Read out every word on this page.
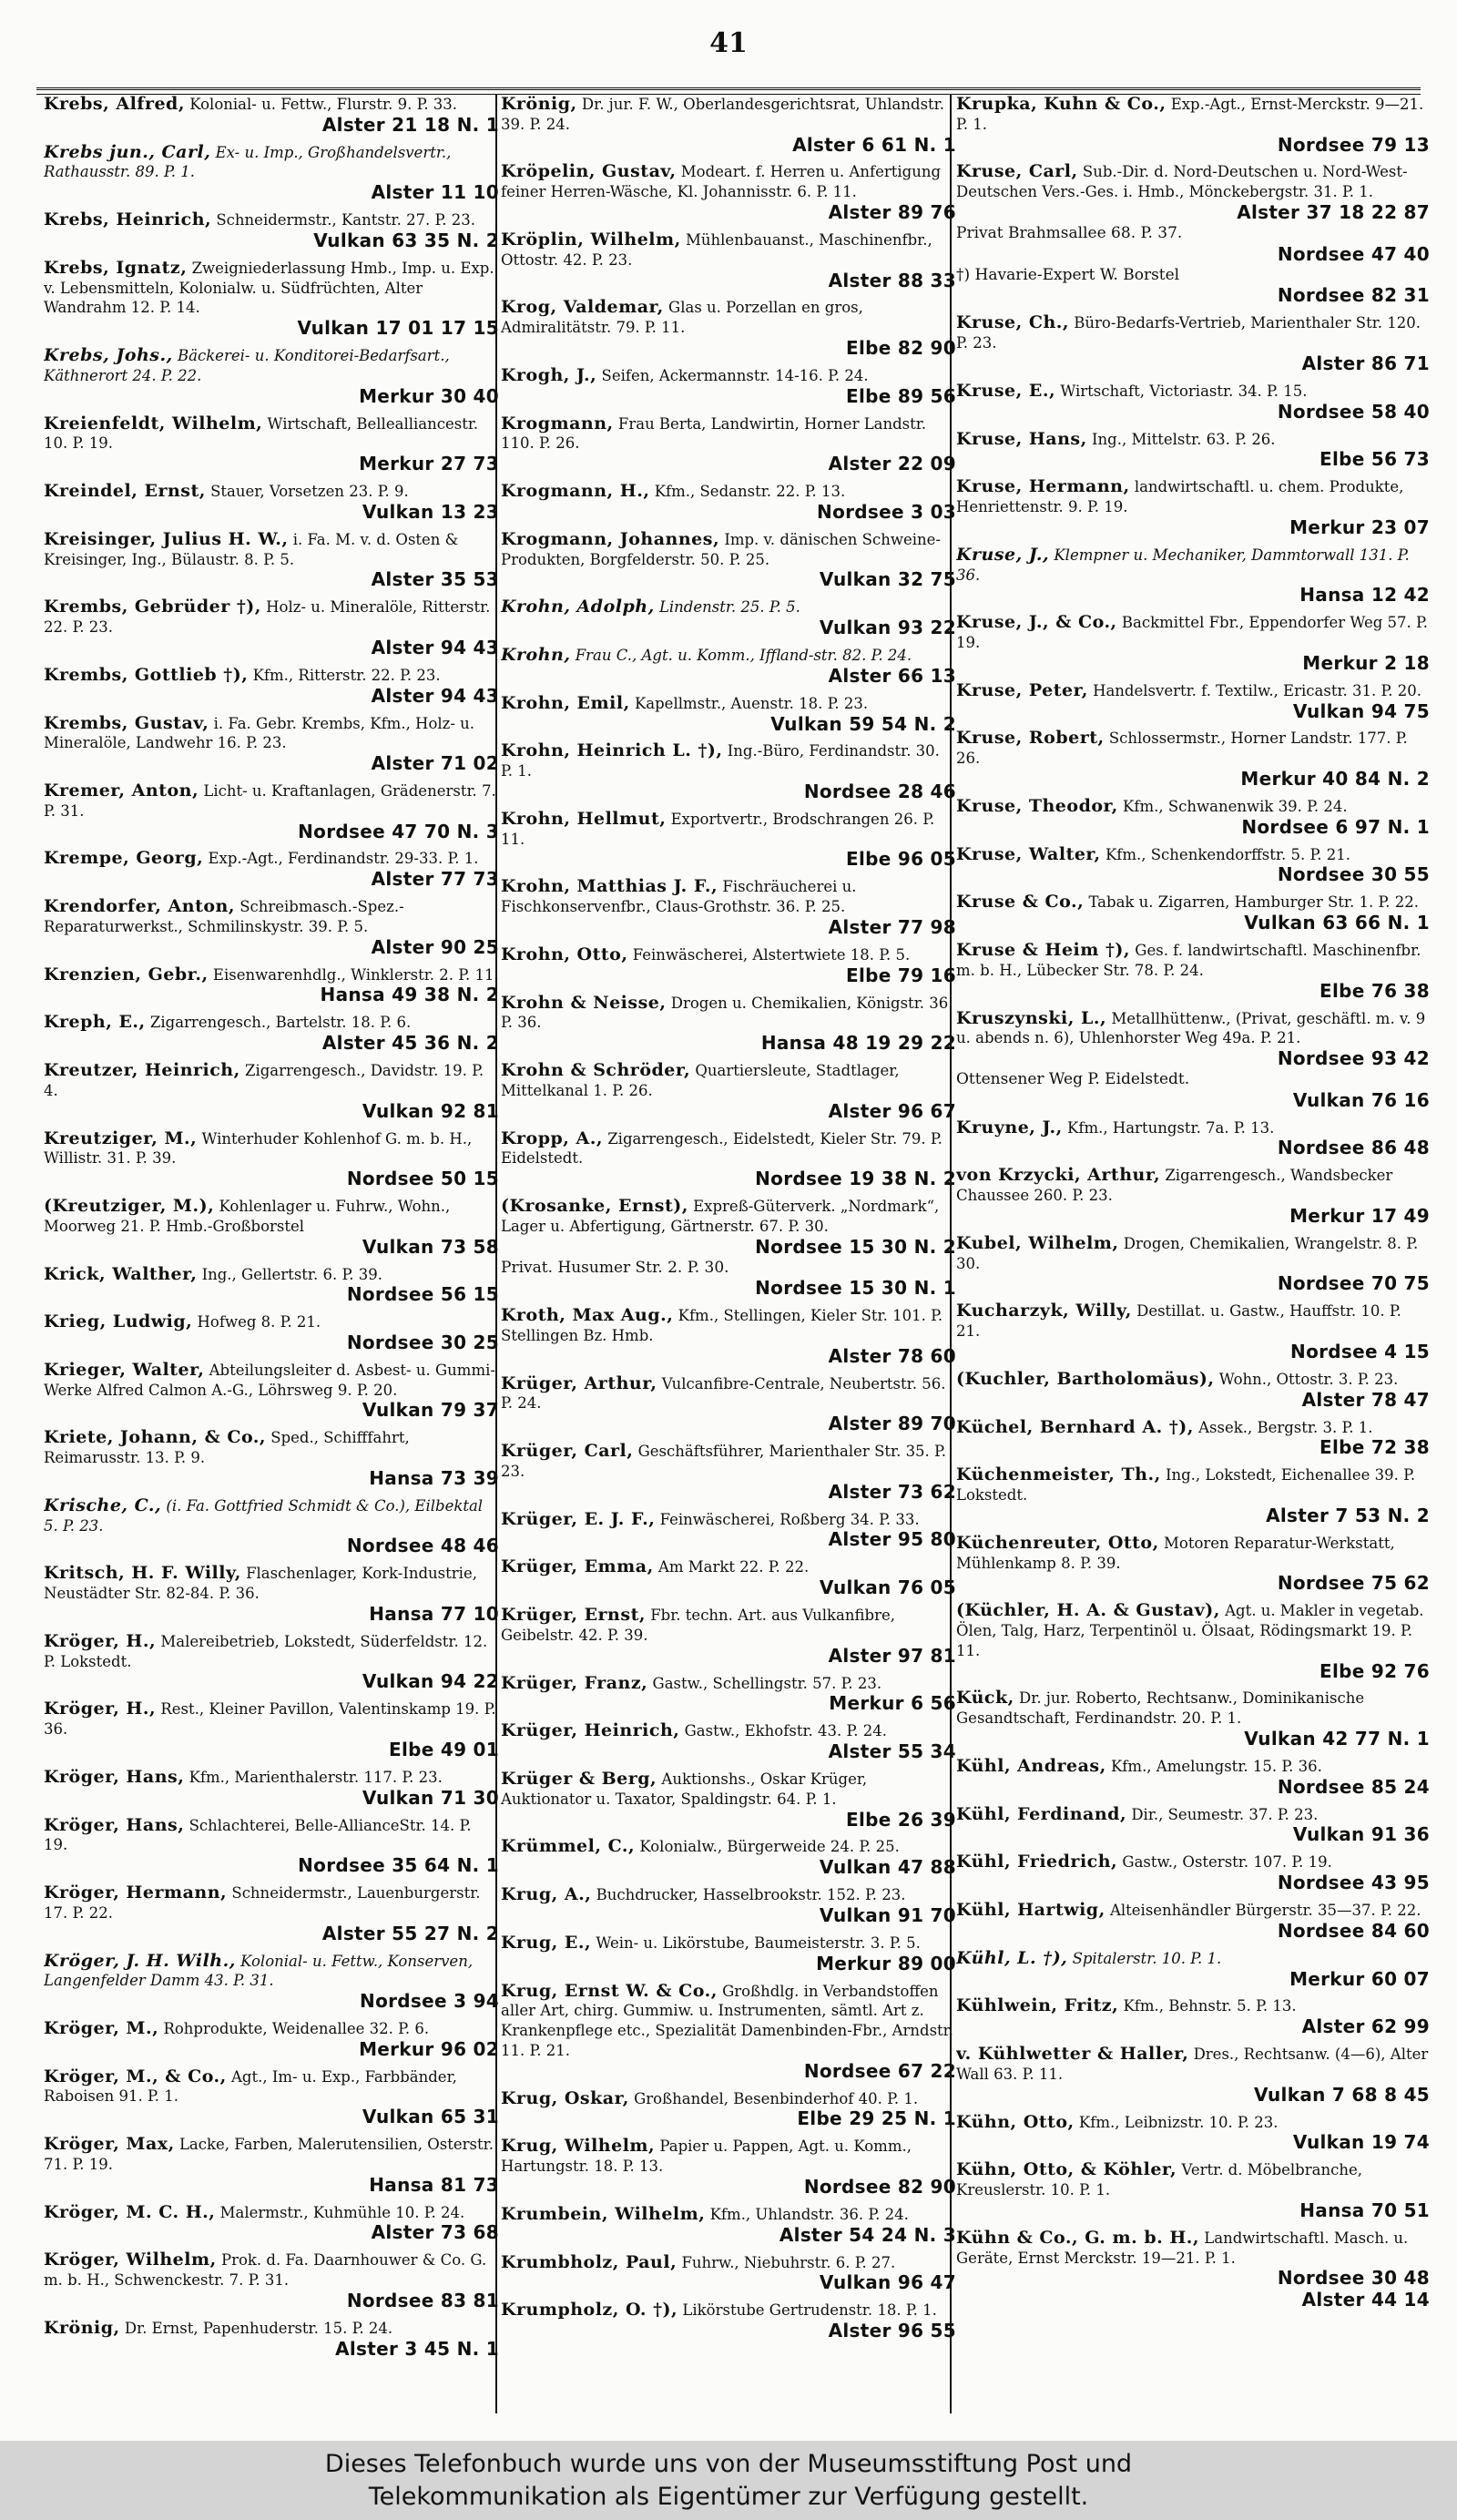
41
Krebs, Alfred, Kolonial- u. Fettw., Flurstr. 9. P. 33.
Alster 21 18 N. 1
Krebs jun., Carl, Ex- u. Imp., Großhandelsvertr., Rathausstr. 89. P. 1.
Alster 11 10
Krebs, Heinrich, Schneidermstr., Kantstr. 27. P. 23.
Vulkan 63 35 N. 2
Krebs, Ignatz, Zweigniederlassung Hmb., Imp. u. Exp. v. Lebensmitteln, Kolonialw. u. Südfrüchten, Alter Wandrahm 12. P. 14.
Vulkan 17 01 17 15
Krebs, Johs., Bäckerei- u. Konditorei-Bedarfsart., Käthnerort 24. P. 22.
Merkur 30 40
Kreienfeldt, Wilhelm, Wirtschaft, Bellealliancestr. 10. P. 19.
Merkur 27 73
Kreindel, Ernst, Stauer, Vorsetzen 23. P. 9.
Vulkan 13 23
Kreisinger, Julius H. W., i. Fa. M. v. d. Osten & Kreisinger, Ing., Bülaustr. 8. P. 5.
Alster 35 53
Krembs, Gebrüder †), Holz- u. Mineralöle, Ritterstr. 22. P. 23.
Alster 94 43
Krembs, Gottlieb †), Kfm., Ritterstr. 22. P. 23.
Alster 94 43
Krembs, Gustav, i. Fa. Gebr. Krembs, Kfm., Holz- u. Mineralöle, Landwehr 16. P. 23.
Alster 71 02
Kremer, Anton, Licht- u. Kraftanlagen, Grädenerstr. 7. P. 31.
Nordsee 47 70 N. 3
Krempe, Georg, Exp.-Agt., Ferdinandstr. 29-33. P. 1.
Alster 77 73
Krendorfer, Anton, Schreibmasch.-Spez.-Reparaturwerkst., Schmilinskystr. 39. P. 5.
Alster 90 25
Krenzien, Gebr., Eisenwarenhdlg., Winklerstr. 2. P. 11.
Hansa 49 38 N. 2
Kreph, E., Zigarrengesch., Bartelstr. 18. P. 6.
Alster 45 36 N. 2
Kreutzer, Heinrich, Zigarrengesch., Davidstr. 19. P. 4.
Vulkan 92 81
Kreutziger, M., Winterhuder Kohlenhof G. m. b. H., Willistr. 31. P. 39.
Nordsee 50 15
(Kreutziger, M.), Kohlenlager u. Fuhrw., Wohn., Moorweg 21. P. Hmb.-Großborstel
Vulkan 73 58
Krick, Walther, Ing., Gellertstr. 6. P. 39.
Nordsee 56 15
Krieg, Ludwig, Hofweg 8. P. 21.
Nordsee 30 25
Krieger, Walter, Abteilungsleiter d. Asbest- u. Gummi-Werke Alfred Calmon A.-G., Löhrsweg 9. P. 20.
Vulkan 79 37
Kriete, Johann, & Co., Sped., Schifffahrt, Reimarusstr. 13. P. 9.
Hansa 73 39
Krische, C., (i. Fa. Gottfried Schmidt & Co.), Eilbektal 5. P. 23.
Nordsee 48 46
Kritsch, H. F. Willy, Flaschenlager, Kork-Industrie, Neustädter Str. 82-84. P. 36.
Hansa 77 10
Kröger, H., Malereibetrieb, Lokstedt, Süderfeldstr. 12. P. Lokstedt.
Vulkan 94 22
Kröger, H., Rest., Kleiner Pavillon, Valentinskamp 19. P. 36.
Elbe 49 01
Kröger, Hans, Kfm., Marienthalerstr. 117. P. 23.
Vulkan 71 30
Kröger, Hans, Schlachterei, Belle-AllianceStr. 14. P. 19.
Nordsee 35 64 N. 1
Kröger, Hermann, Schneidermstr., Lauenburgerstr. 17. P. 22.
Alster 55 27 N. 2
Kröger, J. H. Wilh., Kolonial- u. Fettw., Konserven, Langenfelder Damm 43. P. 31.
Nordsee 3 94
Kröger, M., Rohprodukte, Weidenallee 32. P. 6.
Merkur 96 02
Kröger, M., & Co., Agt., Im- u. Exp., Farbbänder, Raboisen 91. P. 1.
Vulkan 65 31
Kröger, Max, Lacke, Farben, Malerutensilien, Osterstr. 71. P. 19.
Hansa 81 73
Kröger, M. C. H., Malermstr., Kuhmühle 10. P. 24.
Alster 73 68
Kröger, Wilhelm, Prok. d. Fa. Daarnhouwer & Co. G. m. b. H., Schwenckestr. 7. P. 31.
Nordsee 83 81
Krönig, Dr. Ernst, Papenhuderstr. 15. P. 24.
Alster 3 45 N. 1
Krönig, Dr. jur. F. W., Oberlandesgerichtsrat, Uhlandstr. 39. P. 24.
Alster 6 61 N. 1
Kröpelin, Gustav, Modeart. f. Herren u. Anfertigung feiner Herren-Wäsche, Kl. Johannisstr. 6. P. 11.
Alster 89 76
Kröplin, Wilhelm, Mühlenbauanst., Maschinenfbr., Ottostr. 42. P. 23.
Alster 88 33
Krog, Valdemar, Glas u. Porzellan en gros, Admiralitätstr. 79. P. 11.
Elbe 82 90
Krogh, J., Seifen, Ackermannstr. 14-16. P. 24.
Elbe 89 56
Krogmann, Frau Berta, Landwirtin, Horner Landstr. 110. P. 26.
Alster 22 09
Krogmann, H., Kfm., Sedanstr. 22. P. 13.
Nordsee 3 03
Krogmann, Johannes, Imp. v. dänischen Schweine-Produkten, Borgfelderstr. 50. P. 25.
Vulkan 32 75
Krohn, Adolph, Lindenstr. 25. P. 5.
Vulkan 93 22
Krohn, Frau C., Agt. u. Komm., Iffland-str. 82. P. 24.
Alster 66 13
Krohn, Emil, Kapellmstr., Auenstr. 18. P. 23.
Vulkan 59 54 N. 2
Krohn, Heinrich L. †), Ing.-Büro, Ferdinandstr. 30. P. 1.
Nordsee 28 46
Krohn, Hellmut, Exportvertr., Brodschrangen 26. P. 11.
Elbe 96 05
Krohn, Matthias J. F., Fischräucherei u. Fischkonservenfbr., Claus-Grothstr. 36. P. 25.
Alster 77 98
Krohn, Otto, Feinwäscherei, Alstertwiete 18. P. 5.
Elbe 79 16
Krohn & Neisse, Drogen u. Chemikalien, Königstr. 36. P. 36.
Hansa 48 19 29 22
Krohn & Schröder, Quartiersleute, Stadtlager, Mittelkanal 1. P. 26.
Alster 96 67
Kropp, A., Zigarrengesch., Eidelstedt, Kieler Str. 79. P. Eidelstedt.
Nordsee 19 38 N. 2
(Krosanke, Ernst), Expreß-Güterverk. „Nordmark“, Lager u. Abfertigung, Gärtnerstr. 67. P. 30.
Nordsee 15 30 N. 2
Privat. Husumer Str. 2. P. 30.
Nordsee 15 30 N. 1
Kroth, Max Aug., Kfm., Stellingen, Kieler Str. 101. P. Stellingen Bz. Hmb.
Alster 78 60
Krüger, Arthur, Vulcanfibre-Centrale, Neubertstr. 56. P. 24.
Alster 89 70
Krüger, Carl, Geschäftsführer, Marienthaler Str. 35. P. 23.
Alster 73 62
Krüger, E. J. F., Feinwäscherei, Roßberg 34. P. 33.
Alster 95 80
Krüger, Emma, Am Markt 22. P. 22.
Vulkan 76 05
Krüger, Ernst, Fbr. techn. Art. aus Vulkanfibre, Geibelstr. 42. P. 39.
Alster 97 81
Krüger, Franz, Gastw., Schellingstr. 57. P. 23.
Merkur 6 56
Krüger, Heinrich, Gastw., Ekhofstr. 43. P. 24.
Alster 55 34
Krüger & Berg, Auktionshs., Oskar Krüger, Auktionator u. Taxator, Spaldingstr. 64. P. 1.
Elbe 26 39
Krümmel, C., Kolonialw., Bürgerweide 24. P. 25.
Vulkan 47 88
Krug, A., Buchdrucker, Hasselbrookstr. 152. P. 23.
Vulkan 91 70
Krug, E., Wein- u. Likörstube, Baumeisterstr. 3. P. 5.
Merkur 89 00
Krug, Ernst W. & Co., Großhdlg. in Verbandstoffen aller Art, chirg. Gummiw. u. Instrumenten, sämtl. Art z. Krankenpflege etc., Spezialität Damenbinden-Fbr., Arndstr. 11. P. 21.
Nordsee 67 22
Krug, Oskar, Großhandel, Besenbinderhof 40. P. 1.
Elbe 29 25 N. 1
Krug, Wilhelm, Papier u. Pappen, Agt. u. Komm., Hartungstr. 18. P. 13.
Nordsee 82 90
Krumbein, Wilhelm, Kfm., Uhlandstr. 36. P. 24.
Alster 54 24 N. 3
Krumbholz, Paul, Fuhrw., Niebuhrstr. 6. P. 27.
Vulkan 96 47
Krumpholz, O. †), Likörstube Gertrudenstr. 18. P. 1.
Alster 96 55
Krupka, Kuhn & Co., Exp.-Agt., Ernst-Merckstr. 9—21. P. 1.
Nordsee 79 13
Kruse, Carl, Sub.-Dir. d. Nord-Deutschen u. Nord-West-Deutschen Vers.-Ges. i. Hmb., Mönckebergstr. 31. P. 1.
Alster 37 18 22 87
Privat Brahmsallee 68. P. 37.
Nordsee 47 40
†) Havarie-Expert W. Borstel
Nordsee 82 31
Kruse, Ch., Büro-Bedarfs-Vertrieb, Marienthaler Str. 120. P. 23.
Alster 86 71
Kruse, E., Wirtschaft, Victoriastr. 34. P. 15.
Nordsee 58 40
Kruse, Hans, Ing., Mittelstr. 63. P. 26.
Elbe 56 73
Kruse, Hermann, landwirtschaftl. u. chem. Produkte, Henriettenstr. 9. P. 19.
Merkur 23 07
Kruse, J., Klempner u. Mechaniker, Dammtorwall 131. P. 36.
Hansa 12 42
Kruse, J., & Co., Backmittel Fbr., Eppendorfer Weg 57. P. 19.
Merkur 2 18
Kruse, Peter, Handelsvertr. f. Textilw., Ericastr. 31. P. 20.
Vulkan 94 75
Kruse, Robert, Schlossermstr., Horner Landstr. 177. P. 26.
Merkur 40 84 N. 2
Kruse, Theodor, Kfm., Schwanenwik 39. P. 24.
Nordsee 6 97 N. 1
Kruse, Walter, Kfm., Schenkendorffstr. 5. P. 21.
Nordsee 30 55
Kruse & Co., Tabak u. Zigarren, Hamburger Str. 1. P. 22.
Vulkan 63 66 N. 1
Kruse & Heim †), Ges. f. landwirtschaftl. Maschinenfbr. m. b. H., Lübecker Str. 78. P. 24.
Elbe 76 38
Kruszynski, L., Metallhüttenw., (Privat, geschäftl. m. v. 9 u. abends n. 6), Uhlenhorster Weg 49a. P. 21.
Nordsee 93 42
Ottensener Weg P. Eidelstedt.
Vulkan 76 16
Kruyne, J., Kfm., Hartungstr. 7a. P. 13.
Nordsee 86 48
von Krzycki, Arthur, Zigarrengesch., Wandsbecker Chaussee 260. P. 23.
Merkur 17 49
Kubel, Wilhelm, Drogen, Chemikalien, Wrangelstr. 8. P. 30.
Nordsee 70 75
Kucharzyk, Willy, Destillat. u. Gastw., Hauffstr. 10. P. 21.
Nordsee 4 15
(Kuchler, Bartholomäus), Wohn., Ottostr. 3. P. 23.
Alster 78 47
Küchel, Bernhard A. †), Assek., Bergstr. 3. P. 1.
Elbe 72 38
Küchenmeister, Th., Ing., Lokstedt, Eichenallee 39. P. Lokstedt.
Alster 7 53 N. 2
Küchenreuter, Otto, Motoren Reparatur-Werkstatt, Mühlenkamp 8. P. 39.
Nordsee 75 62
(Küchler, H. A. & Gustav), Agt. u. Makler in vegetab. Ölen, Talg, Harz, Terpentinöl u. Ölsaat, Rödingsmarkt 19. P. 11.
Elbe 92 76
Kück, Dr. jur. Roberto, Rechtsanw., Dominikanische Gesandtschaft, Ferdinandstr. 20. P. 1.
Vulkan 42 77 N. 1
Kühl, Andreas, Kfm., Amelungstr. 15. P. 36.
Nordsee 85 24
Kühl, Ferdinand, Dir., Seumestr. 37. P. 23.
Vulkan 91 36
Kühl, Friedrich, Gastw., Osterstr. 107. P. 19.
Nordsee 43 95
Kühl, Hartwig, Alteisenhändler Bürgerstr. 35—37. P. 22.
Nordsee 84 60
Kühl, L. †), Spitalerstr. 10. P. 1.
Merkur 60 07
Kühlwein, Fritz, Kfm., Behnstr. 5. P. 13.
Alster 62 99
v. Kühlwetter & Haller, Dres., Rechtsanw. (4—6), Alter Wall 63. P. 11.
Vulkan 7 68 8 45
Kühn, Otto, Kfm., Leibnizstr. 10. P. 23.
Vulkan 19 74
Kühn, Otto, & Köhler, Vertr. d. Möbelbranche, Kreuslerstr. 10. P. 1.
Hansa 70 51
Kühn & Co., G. m. b. H., Landwirtschaftl. Masch. u. Geräte, Ernst Merckstr. 19—21. P. 1.
Nordsee 30 48
Alster 44 14
Dieses Telefonbuch wurde uns von der Museumsstiftung Post und
Telekommunikation als Eigentümer zur Verfügung gestellt.
